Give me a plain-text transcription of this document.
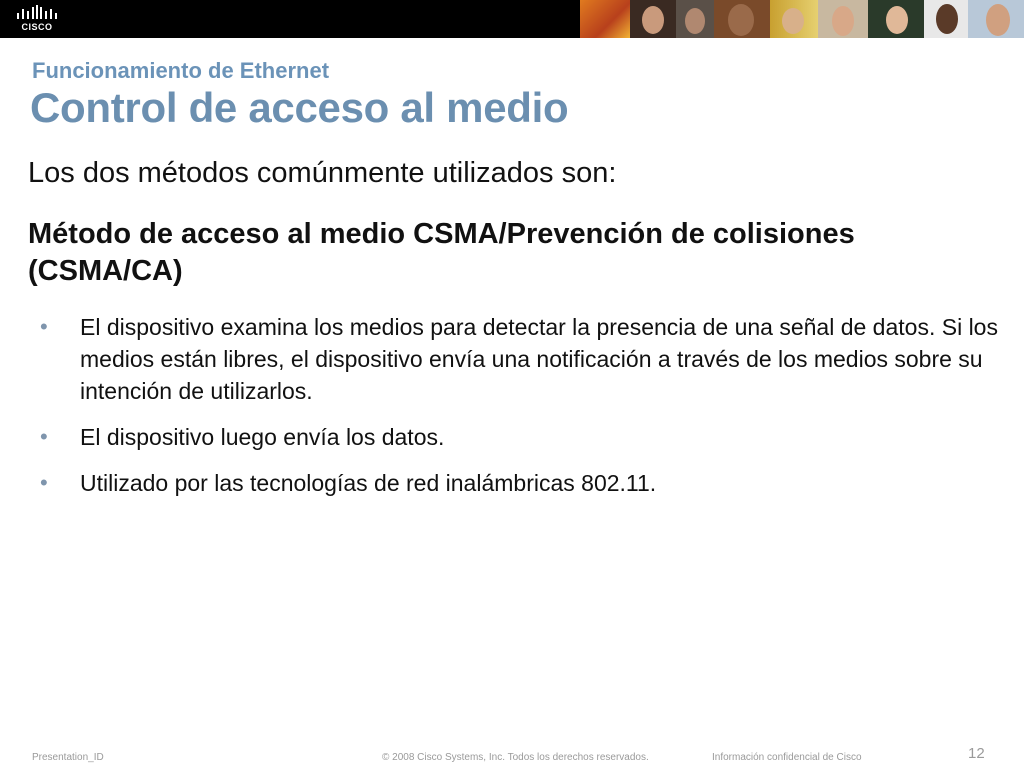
CISCO
Funcionamiento de Ethernet
Control de acceso al medio
Los dos métodos comúnmente utilizados son:
Método de acceso al medio CSMA/Prevención de colisiones (CSMA/CA)
• El dispositivo examina los medios para detectar la presencia de una señal de datos. Si los medios están libres, el dispositivo envía una notificación a través de los medios sobre su intención de utilizarlos.
• El dispositivo luego envía los datos.
• Utilizado por las tecnologías de red inalámbricas 802.11.
Presentation_ID	© 2008 Cisco Systems, Inc. Todos los derechos reservados.	Información confidencial de Cisco	12
